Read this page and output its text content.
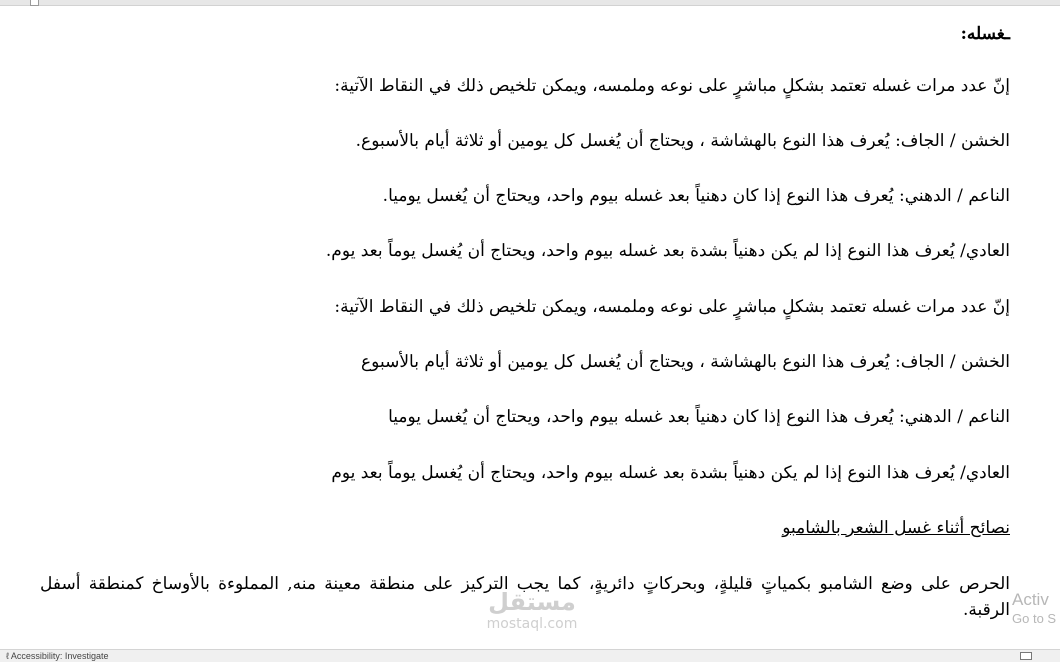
ـغسله:
إنّ عدد مرات غسله تعتمد بشكلٍ مباشرٍ على نوعه وملمسه، ويمكن تلخيص ذلك في النقاط الآتية:
الخشن / الجاف: يُعرف هذا النوع بالهشاشة ، ويحتاج أن يُغسل كل يومين أو ثلاثة أيام بالأسبوع.
الناعم / الدهني: يُعرف هذا النوع إذا كان دهنياً بعد غسله بيوم واحد، ويحتاج أن يُغسل يوميا.
العادي/ يُعرف هذا النوع إذا لم يكن دهنياً بشدة بعد غسله بيوم واحد، ويحتاج أن يُغسل يوماً بعد يوم.
إنّ عدد مرات غسله تعتمد بشكلٍ مباشرٍ على نوعه وملمسه، ويمكن تلخيص ذلك في النقاط الآتية:
الخشن / الجاف: يُعرف هذا النوع بالهشاشة ، ويحتاج أن يُغسل كل يومين أو ثلاثة أيام بالأسبوع
الناعم / الدهني: يُعرف هذا النوع إذا كان دهنياً بعد غسله بيوم واحد، ويحتاج أن يُغسل يوميا
العادي/ يُعرف هذا النوع إذا لم يكن دهنياً بشدة بعد غسله بيوم واحد، ويحتاج أن يُغسل يوماً بعد يوم
نصائح أثناء غسل الشعر بالشامبو
الحرص على وضع الشامبو بكمياتٍ قليلةٍ، وبحركاتٍ دائريةٍ، كما يجب التركيز على منطقة معينة منه, المملوءة بالأوساخ كمنطقة أسفل الرقبة.
مستقل
mostaql.com
Activ
Go to S
ℓ Accessibility: Investigate
